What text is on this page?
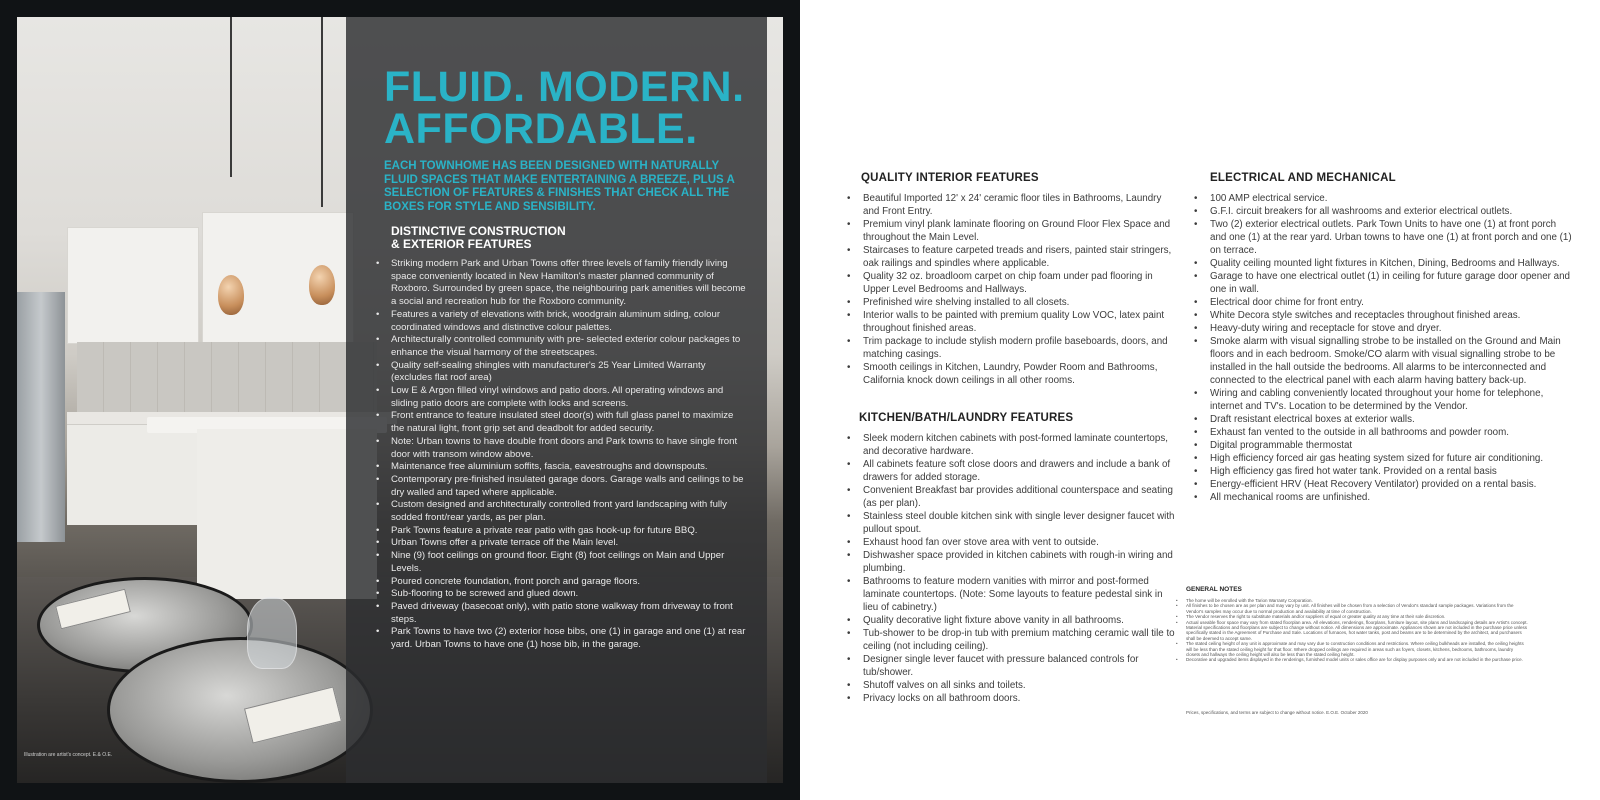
FLUID. MODERN.
AFFORDABLE.

EACH TOWNHOME HAS BEEN DESIGNED WITH NATURALLY FLUID SPACES THAT MAKE ENTERTAINING A BREEZE, PLUS A SELECTION OF FEATURES & FINISHES THAT CHECK ALL THE BOXES FOR STYLE AND SENSIBILITY.

DISTINCTIVE CONSTRUCTION
& EXTERIOR FEATURES
• Striking modern Park and Urban Towns offer three levels of family friendly living space conveniently located in New Hamilton's master planned community of Roxboro. Surrounded by green space, the neighbouring park amenities will become a social and recreation hub for the Roxboro community.
• Features a variety of elevations with brick, woodgrain aluminum siding, colour coordinated windows and distinctive colour palettes.
• Architecturally controlled community with pre- selected exterior colour packages to enhance the visual harmony of the streetscapes.
• Quality self-sealing shingles with manufacturer's 25 Year Limited Warranty (excludes flat roof area)
• Low E & Argon filled vinyl windows and patio doors. All operating windows and sliding patio doors are complete with locks and screens.
• Front entrance to feature insulated steel door(s) with full glass panel to maximize the natural light, front grip set and deadbolt for added security.
• Note: Urban towns to have double front doors and Park towns to have single front door with transom window above.
• Maintenance free aluminium soffits, fascia, eavestroughs and downspouts.
• Contemporary pre-finished insulated garage doors. Garage walls and ceilings to be dry walled and taped where applicable.
• Custom designed and architecturally controlled front yard landscaping with fully sodded front/rear yards, as per plan.
• Park Towns feature a private rear patio with gas hook-up for future BBQ.
• Urban Towns offer a private terrace off the Main level.
• Nine (9) foot ceilings on ground floor. Eight (8) foot ceilings on Main and Upper Levels.
• Poured concrete foundation, front porch and garage floors.
• Sub-flooring to be screwed and glued down.
• Paved driveway (basecoat only), with patio stone walkway from driveway to front steps.
• Park Towns to have two (2) exterior hose bibs, one (1) in garage and one (1) at rear yard. Urban Towns to have one (1) hose bib, in the garage.
Illustration are artist's concept. E.& O.E.
QUALITY INTERIOR FEATURES
• Beautiful Imported 12' x 24' ceramic floor tiles in Bathrooms, Laundry and Front Entry.
• Premium vinyl plank laminate flooring on Ground Floor Flex Space and throughout the Main Level.
• Staircases to feature carpeted treads and risers, painted stair stringers, oak railings and spindles where applicable.
• Quality 32 oz. broadloom carpet on chip foam under pad flooring in Upper Level Bedrooms and Hallways.
• Prefinished wire shelving installed to all closets.
• Interior walls to be painted with premium quality Low VOC, latex paint throughout finished areas.
• Trim package to include stylish modern profile baseboards, doors, and matching casings.
• Smooth ceilings in Kitchen, Laundry, Powder Room and Bathrooms, California knock down ceilings in all other rooms.
KITCHEN/BATH/LAUNDRY FEATURES
• Sleek modern kitchen cabinets with post-formed laminate countertops, and decorative hardware.
• All cabinets feature soft close doors and drawers and include a bank of drawers for added storage.
• Convenient Breakfast bar provides additional counterspace and seating (as per plan).
• Stainless steel double kitchen sink with single lever designer faucet with pullout spout.
• Exhaust hood fan over stove area with vent to outside.
• Dishwasher space provided in kitchen cabinets with rough-in wiring and plumbing.
• Bathrooms to feature modern vanities with mirror and post-formed laminate countertops. (Note: Some layouts to feature pedestal sink in lieu of cabinetry.)
• Quality decorative light fixture above vanity in all bathrooms.
• Tub-shower to be drop-in tub with premium matching ceramic wall tile to ceiling (not including ceiling).
• Designer single lever faucet with pressure balanced controls for tub/shower.
• Shutoff valves on all sinks and toilets.
• Privacy locks on all bathroom doors.
ELECTRICAL AND MECHANICAL
• 100 AMP electrical service.
• G.F.I. circuit breakers for all washrooms and exterior electrical outlets.
• Two (2) exterior electrical outlets. Park Town Units to have one (1) at front porch and one (1) at the rear yard. Urban towns to have one (1) at front porch and one (1) on terrace.
• Quality ceiling mounted light fixtures in Kitchen, Dining, Bedrooms and Hallways.
• Garage to have one electrical outlet (1) in ceiling for future garage door opener and one in wall.
• Electrical door chime for front entry.
• White Decora style switches and receptacles throughout finished areas.
• Heavy-duty wiring and receptacle for stove and dryer.
• Smoke alarm with visual signalling strobe to be installed on the Ground and Main floors and in each bedroom. Smoke/CO alarm with visual signalling strobe to be installed in the hall outside the bedrooms. All alarms to be interconnected and connected to the electrical panel with each alarm having battery back-up.
• Wiring and cabling conveniently located throughout your home for telephone, internet and TV's. Location to be determined by the Vendor.
• Draft resistant electrical boxes at exterior walls.
• Exhaust fan vented to the outside in all bathrooms and powder room.
• Digital programmable thermostat
• High efficiency forced air gas heating system sized for future air conditioning.
• High efficiency gas fired hot water tank. Provided on a rental basis
• Energy-efficient HRV (Heat Recovery Ventilator) provided on a rental basis.
• All mechanical rooms are unfinished.
GENERAL NOTES
• The home will be enrolled with the Tarion Warranty Corporation.
• All finishes to be chosen are as per plan and may vary by unit. All finishes will be chosen from a selection of Vendor's standard sample packages. Variations from the Vendor's samples may occur due to normal production and availability at time of construction.
• The Vendor reserves the right to substitute materials and/or suppliers of equal or greater quality at any time at their sole discretion.
• Actual useable floor space may vary from stated floorplan area. All elevations, renderings, floorplans, furniture layout, site plans and landscaping details are Artist's concept. Material specifications and floorplans are subject to change without notice. All dimensions are approximate. Appliances shown are not included in the purchase price unless specifically stated in the Agreement of Purchase and Sale. Locations of furnaces, hot water tanks, post and beams are to be determined by the architect, and purchasers shall be deemed to accept same.
• The stated ceiling height of any unit is approximate and may vary due to construction conditions and restrictions. Where ceiling bulkheads are installed, the ceiling heights will be less than the stated ceiling height for that floor. Where dropped ceilings are required in areas such as foyers, closets, kitchens, bedrooms, bathrooms, laundry closets and hallways the ceiling height will also be less than the stated ceiling height.
• Decorative and upgraded items displayed in the renderings, furnished model units or sales office are for display purposes only and are not included in the purchase price.
Prices, specifications, and terms are subject to change without notice. E.O.E. October 2020
